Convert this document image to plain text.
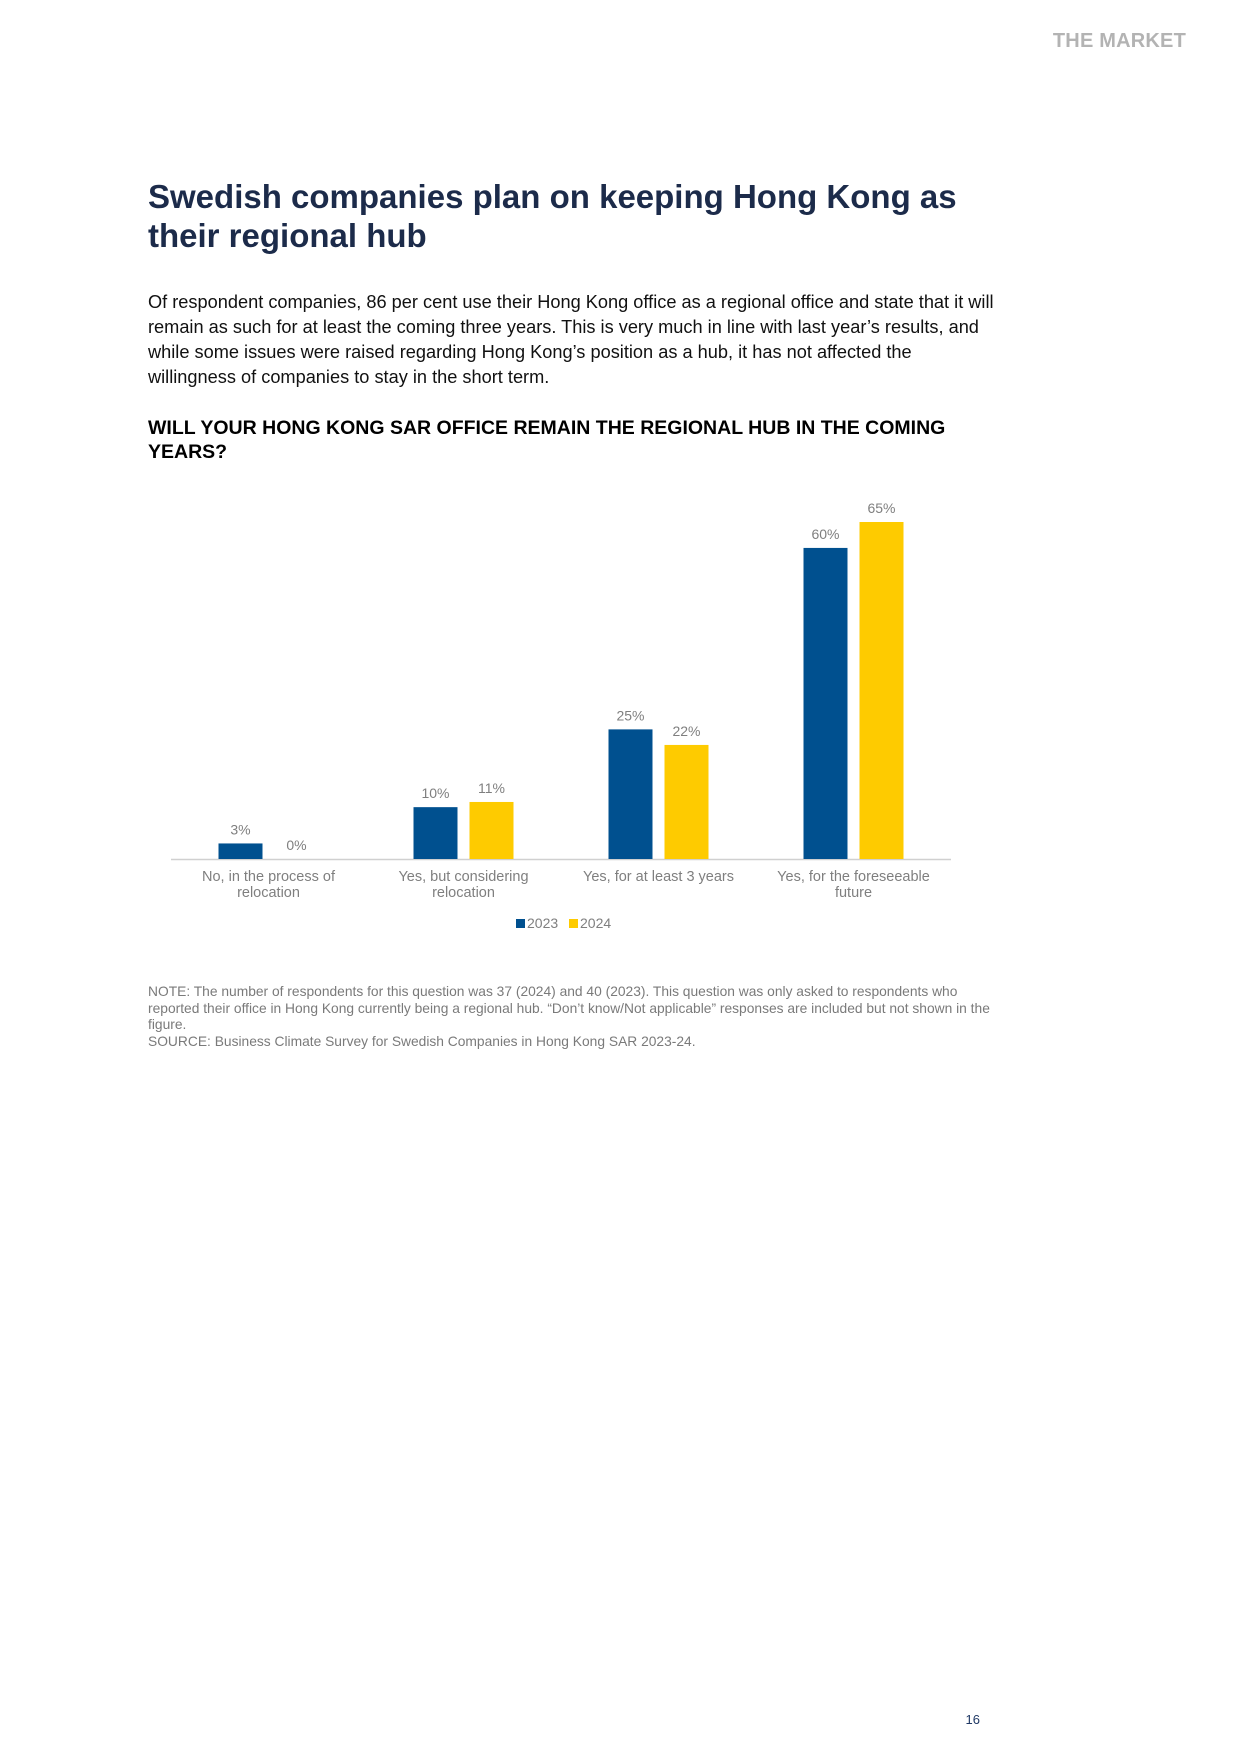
THE MARKET
Swedish companies plan on keeping Hong Kong as their regional hub

Of respondent companies, 86 per cent use their Hong Kong office as a regional office and state that it will remain as such for at least the coming three years. This is very much in line with last year’s results, and while some issues were raised regarding Hong Kong’s position as a hub, it has not affected the willingness of companies to stay in the short term.

WILL YOUR HONG KONG SAR OFFICE REMAIN THE REGIONAL HUB IN THE COMING YEARS?
3%
0%
No, in the process of
relocation
10% 11%
Yes, but considering
relocation
25%
22%
Yes, for at least 3 years
60%
65%
Yes, for the foreseeable
future
2023 2024

NOTE: The number of respondents for this question was 37 (2024) and 40 (2023). This question was only asked to respondents who reported their office in Hong Kong currently being a regional hub. “Don’t know/Not applicable” responses are included but not shown in the figure.

SOURCE: Business Climate Survey for Swedish Companies in Hong Kong SAR 2023-24.

16
